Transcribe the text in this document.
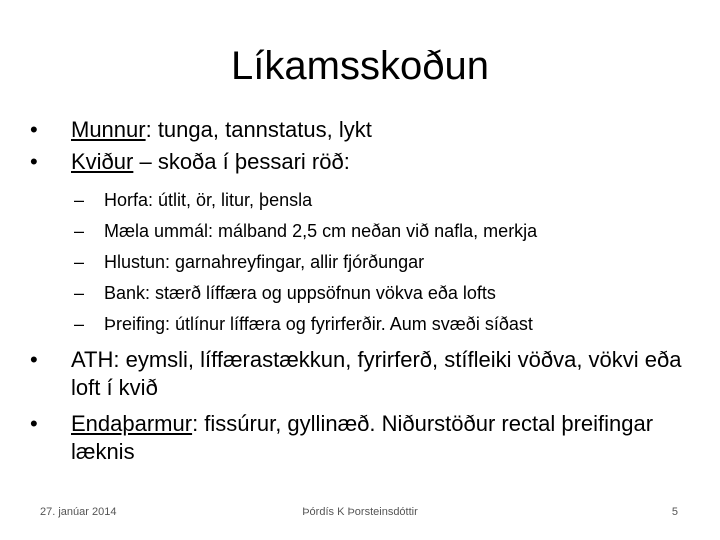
Líkamsskoðun
• Munnur: tunga, tannstatus, lykt
• Kviður – skoða í þessari röð:
– Horfa: útlit, ör, litur, þensla
– Mæla ummál: málband 2,5 cm neðan við nafla, merkja
– Hlustun: garnahreyfingar, allir fjórðungar
– Bank: stærð líffæra og uppsöfnun vökva eða lofts
– Þreifing: útlínur líffæra og fyrirferðir. Aum svæði síðast
• ATH: eymsli, líffærastækkun, fyrirferð, stífleiki vöðva, vökvi eða loft í kvið
• Endaþarmur: fissúrur, gyllinæð. Niðurstöður rectal þreifingar læknis
27. janúar 2014	Þórdís K Þorsteinsdóttir	5
